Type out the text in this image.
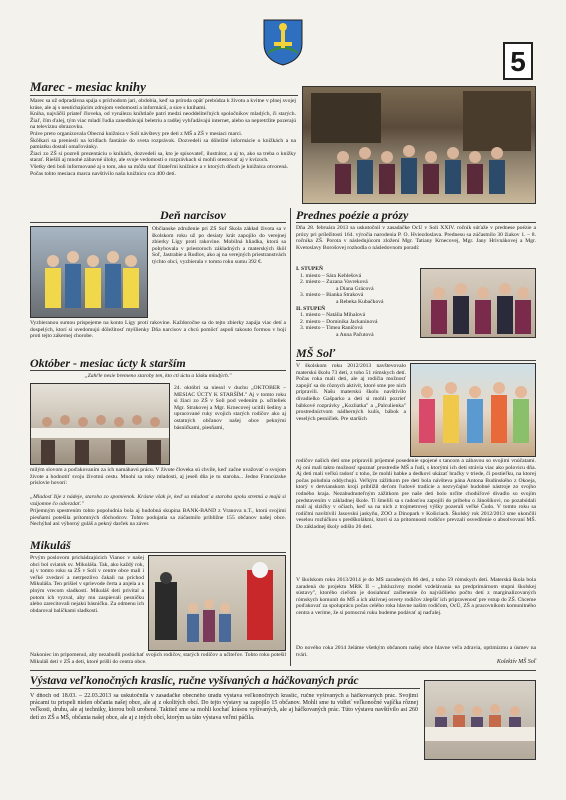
5
Marec - mesiac knihy

Marec sa už odpradávna spája s príchodom jari, obdobia, keď sa príroda opäť prebúdza k životu a kvitne v plnej svojej kráse, ale aj s neutíchajúcim zdrojom vedomostí a informácií, a sice s knihami.

Kniha, najväčší priateľ človeka, od vynálezu kníhtlače patrí medzi neoddeliteľných spoločníkov mladých, či starých. Žiaľ, čím ďalej, tým viac mladí ľudia zanedbávajú beletriu a radšej vyhľadávajú internet, alebo sa nepretržite pozerajú na televíznu obrazovku.

Práve preto organizovala Obecná knižnica v Soli návštevy pre deti z MŠ a ZŠ v mesiaci marci.

Škôlkari sa preniesli na krídlach fantázie do sveta rozprávok. Dozvedeli sa dôležité informácie o knižkách a na pamiatku dostali omaľovánky.

Žiaci zo ZŠ si pozreli prezentáciu o knihách, dozvedeli sa, kto je spisovateľ, ilustrátor, a aj to, ako sa treba o knižky starať. Riešili aj mnohé zábavné úlohy, ale svoje vedomosti o rozprávkach si mohli otestovať aj v kvízoch.

Všetky deti boli informované aj o tom, ako sa môžu stať čitateľmi knižnice a v ktorých dňoch je knižnica otvorená.

Počas tohto mesiaca marca navštívilo našu knižnicu cca 400 detí.

Deň narcisov
Občianske združenie pri ZŠ Soľ Škola zákład života sa v školskom roku už po desiaty krát zapojilo do verejnej zbierky Ligy proti rakovine. Mobilná hliadka, ktorá sa pohybovala v priestoroch základných a materských škôl Soľ, Jastrabie a Rudlov, ako aj na verejných priestranstvách týchto obcí, vyzbierala v tomto roku sumu 392 €.
Vyzbieranou sumou prispejeme na konto Ligy proti rakovine. Každoročne sa do tejto zbierky zapája viac detí a dospelých, ktorí si uvedomujú dôležitosť myšlienky Dňa narcisov a chcú pomôcť aspoň takouto formou v boji proti tejto zákernej chorobe.
Prednes poézie a prózy
Dňa 28. februára 2013 sa uskutočnil v zasadačke OcÚ v Soli XXIV. ročník súťaže v prednese poézie a prózy pri príležitosti 164. výročia narodenia P. O. Hviezdoslava. Prednesu sa zúčastnilo 30 žiakov 1. – 8. ročníka ZŠ. Porota v následujúcom zložení Mgr. Tatiany Krnecovej, Mgr. Jany Hrivnákovej a Mgr. Kvetoslavy Borošovej rozhodla o následovnom poradí:
I. STUPEŇ
1. miesto – Sára Keblešová
2. miesto – Zuzana Vavreková
a Diana Grácová
3. miesto – Bianka Straková
a Rebeka Kubačková
II. STUPEŇ
1. miesto – Natália Mihalová
2. miesto – Dominika Jackaninová
3. miesto – Timea Raničová
a Anna Pačutová
Október - mesiac úcty k starším
„Zahŕle nesie bremeno staroby ten, kto ctí úctu a lásku mladých."
24. októbri sa niesol v duchu „OKTÓBER – MESIAC ÚCTY K STARŠÍM." Aj v tomto roku si žiaci zo ZŠ v Soli pod vedením p. učiteliek Mgr. Strakovej a Mgr. Krnecovej ucitili šediny a upracované ruky svojich starých rodičov ako aj ostatných občanov našej obce peknými básničkami, piesňami,
milým slovom a poďakovaním za ich namáhavú prácu. V živote človeka sú chvíle, keď začne uvažovať o svojom živote a hodnotiť svoju životnú cestu. Mnohí sa roky mladosti, aj jeseň dňa je tu staroba... Jedno Francúzske príslovie hovorí:
„Mladosť žije z nádeje, staroba zo spomienok. Krásne však je, keď sa mladosť a staroba spolu stretnú a majú si vzájomne čo odovzdať."
Príjemným spestrením tohto popoludnia bola aj hudobná skupina BANK-BAND z Vranova n.T., ktorá svojimi piesňami potešila prítomných dôchodcov. Tohto podujatia sa zúčastnilo približne 155 občanov našej obce. Nechýbal ani výborný guláš a pekný darček na záver.
MŠ Soľ
V školskom roku 2012/2013 navštevovalo materskú školu 73 detí, z toho 51 rómskych detí. Počas roka mali deti, ale aj rodičia možnosť zapojiť sa do rôznych aktivít, ktoré sme pre nich pripravili. Našu materskú školu navštívilo divadielko Gašparko a deti si mohli pozrieť bábkové rozprávky „Kozliatka" a „Palculienka" prostredníctvom nádherných kulís, bábok a veselých pesničiek. Pre starších
rodičov našich detí sme pripravili príjemné posedenie spojené s tancom a zábavou so svojimi vnúčatami. Aj oni mali takto možnosť spoznať prostredie MŠ a ľudí, s ktorými ich deti strávia viac ako polovicu dňa. Aj deti mali veľkú radosť z toho, že mohli babke a dedkovi ukázať hračky v triede, či postieľku, na ktorej počas poludnia oddychujú. Veľkým zážitkom pre deti bola návšteva pána Antona Budinského z Okoeja, ktorý v detvianskom kroji priblížil deťom ľudové tradície a nezvyčajné hudobné nástroje zo svojho rodného kraja. Nezabudnuteľným zážitkom pre naše deti bolo určite chodúľové divadlo so svojím predstavením v základnej škole. Ti šmelili sa s radosťou zapojili do príbehu o Jánošíkovi, no pozabúdali mali aj slzičky v očiach, keď sa na nich z trojmetrovej výšky pozerali veľké Čudo. V tomto roku sa rodičmi navštívili Jasovskú jaskyňu, ZOO a Dinopark v Košiciach. Školský rok 2012/2013 sme ukončili veselou rozlúčkou s predškolákmi, ktorí si za prítomnosti rodičov prevzali osvedčenie o absolvovaní MŠ. Do základnej školy odišlo 26 detí.
V školskom roku 2013/2014 je do MŠ zaradených 86 detí, z toho 59 rómskych detí. Materská škola bola zaradená do projektu MRK II – „Inkluzívny model vzdelávania na predprimárnom stupni školskej sústavy", ktorého cieľom je dosiahnuť začlenenie čo najväčšieho počtu detí z marginalizovaných rómskych komunít do MŠ a ich aktívnej osvety rodičov zlepšiť ich pripravenosť pre vstup do ZŠ. Chceme poďakovať za spoluprácu počas celého roka hlavne našim rodičom, OcÚ, ZŠ a pracovníkom komunitného centra a veríme, že si pomocnú ruku budeme podávať aj naďalej.
Do nového roka 2014 želáme všetkým občanom našej obce hlavne veľa zdravia, optimizmu a úsmev na tvári.
Kolektív MŠ Soľ
Mikuláš
Prvým poslovom prichádzajúcich Vianoc v našej obci bol sviatok sv. Mikuláša. Tak, ako každý rok, aj v tomto roku sa ZŠ v Soli v centre obce mali i veľké zvedaví a netrpezlivo čakali na príchod Mikuláša. Ten prišiel v sprievode čerta a anjela a s plným vrecom sladkostí. Mikuláš deti privítal a potom ich vyzval, aby mu zaspievali pesničku alebo zarecitovali nejakú básničku. Za odmenu ich obdaroval balíčkami sladkostí.
Nakoniec im pripomenul, aby nezabudli poslúchať svojich rodičov, starých rodičov a učiteľov. Tohto roku potešil Mikuláš deti v ZŠ a deti, ktoré prišli do centra obce.
Výstava veľkonočných kraslíc, ručne vyšívaných a háčkovaných prác
V dňoch od 18.03. – 22.03.2013 sa uskutočnila v zasadačke obecného úradu výstava veľkonočných kraslíc, ručne vyšívaných a háčkovaných prác. Svojimi prácami tu prispeli nielen občania našej obce, ale aj z okolitých obcí. Do tejto výstavy sa zapojilo 15 občanov. Mohli sme tu vidieť veľkonočné vajíčka rôznej veľkosti, druhu, ale aj techniky, ktorou boli urobené. Taktiež sme sa mohli kochať krásou vyšívaných, ale aj háčkovaných prác. Túto výstavu navštívilo asi 260 detí zo ZŠ a MŠ, občania našej obce, ale aj z iných obcí, ktorým sa táto výstava veľmi páčila.
